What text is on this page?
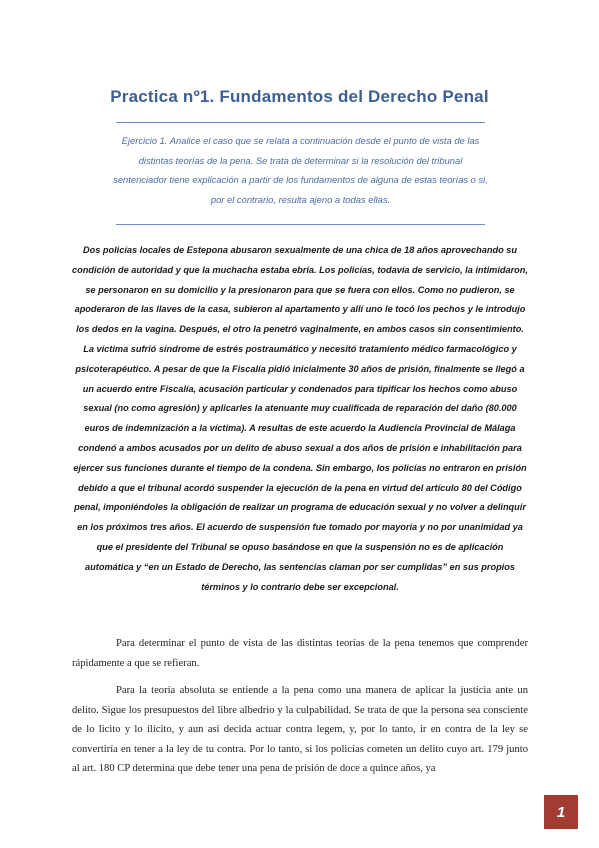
Practica nº1. Fundamentos del Derecho Penal

Ejercicio 1. Analice el caso que se relata a continuación desde el punto de vista de las distintas teorías de la pena. Se trata de determinar si la resolución del tribunal sentenciador tiene explicación a partir de los fundamentos de alguna de estas teorías o si, por el contrario, resulta ajeno a todas ellas.

Dos policías locales de Estepona abusaron sexualmente de una chica de 18 años aprovechando su condición de autoridad y que la muchacha estaba ebria. Los policías, todavía de servicio, la intimidaron, se personaron en su domicilio y la presionaron para que se fuera con ellos. Como no pudieron, se apoderaron de las llaves de la casa, subieron al apartamento y allí uno le tocó los pechos y le introdujo los dedos en la vagina. Después, el otro la penetró vaginalmente, en ambos casos sin consentimiento. La víctima sufrió síndrome de estrés postraumático y necesitó tratamiento médico farmacológico y psicoterapéutico. A pesar de que la Fiscalía pidió inicialmente 30 años de prisión, finalmente se llegó a un acuerdo entre Fiscalía, acusación particular y condenados para tipificar los hechos como abuso sexual (no como agresión) y aplicarles la atenuante muy cualificada de reparación del daño (80.000 euros de indemnización a la víctima). A resultas de este acuerdo la Audiencia Provincial de Málaga condenó a ambos acusados por un delito de abuso sexual a dos años de prisión e inhabilitación para ejercer sus funciones durante el tiempo de la condena. Sin embargo, los policías no entraron en prisión debido a que el tribunal acordó suspender la ejecución de la pena en virtud del artículo 80 del Código penal, imponiéndoles la obligación de realizar un programa de educación sexual y no volver a delinquir en los próximos tres años. El acuerdo de suspensión fue tomado por mayoría y no por unanimidad ya que el presidente del Tribunal se opuso basándose en que la suspensión no es de aplicación automática y “en un Estado de Derecho, las sentencias claman por ser cumplidas” en sus propios términos y lo contrario debe ser excepcional.

Para determinar el punto de vista de las distintas teorías de la pena tenemos que comprender rápidamente a que se refieran.

Para la teoría absoluta se entiende a la pena como una manera de aplicar la justicia ante un delito. Sigue los presupuestos del libre albedrio y la culpabilidad. Se trata de que la persona sea consciente de lo licito y lo ilícito, y aun así decida actuar contra legem, y, por lo tanto, ir en contra de la ley se convertiría en tener a la ley de tu contra. Por lo tanto, si los policías cometen un delito cuyo art. 179 junto al art. 180 CP determina que debe tener una pena de prisión de doce a quince años, ya

1
